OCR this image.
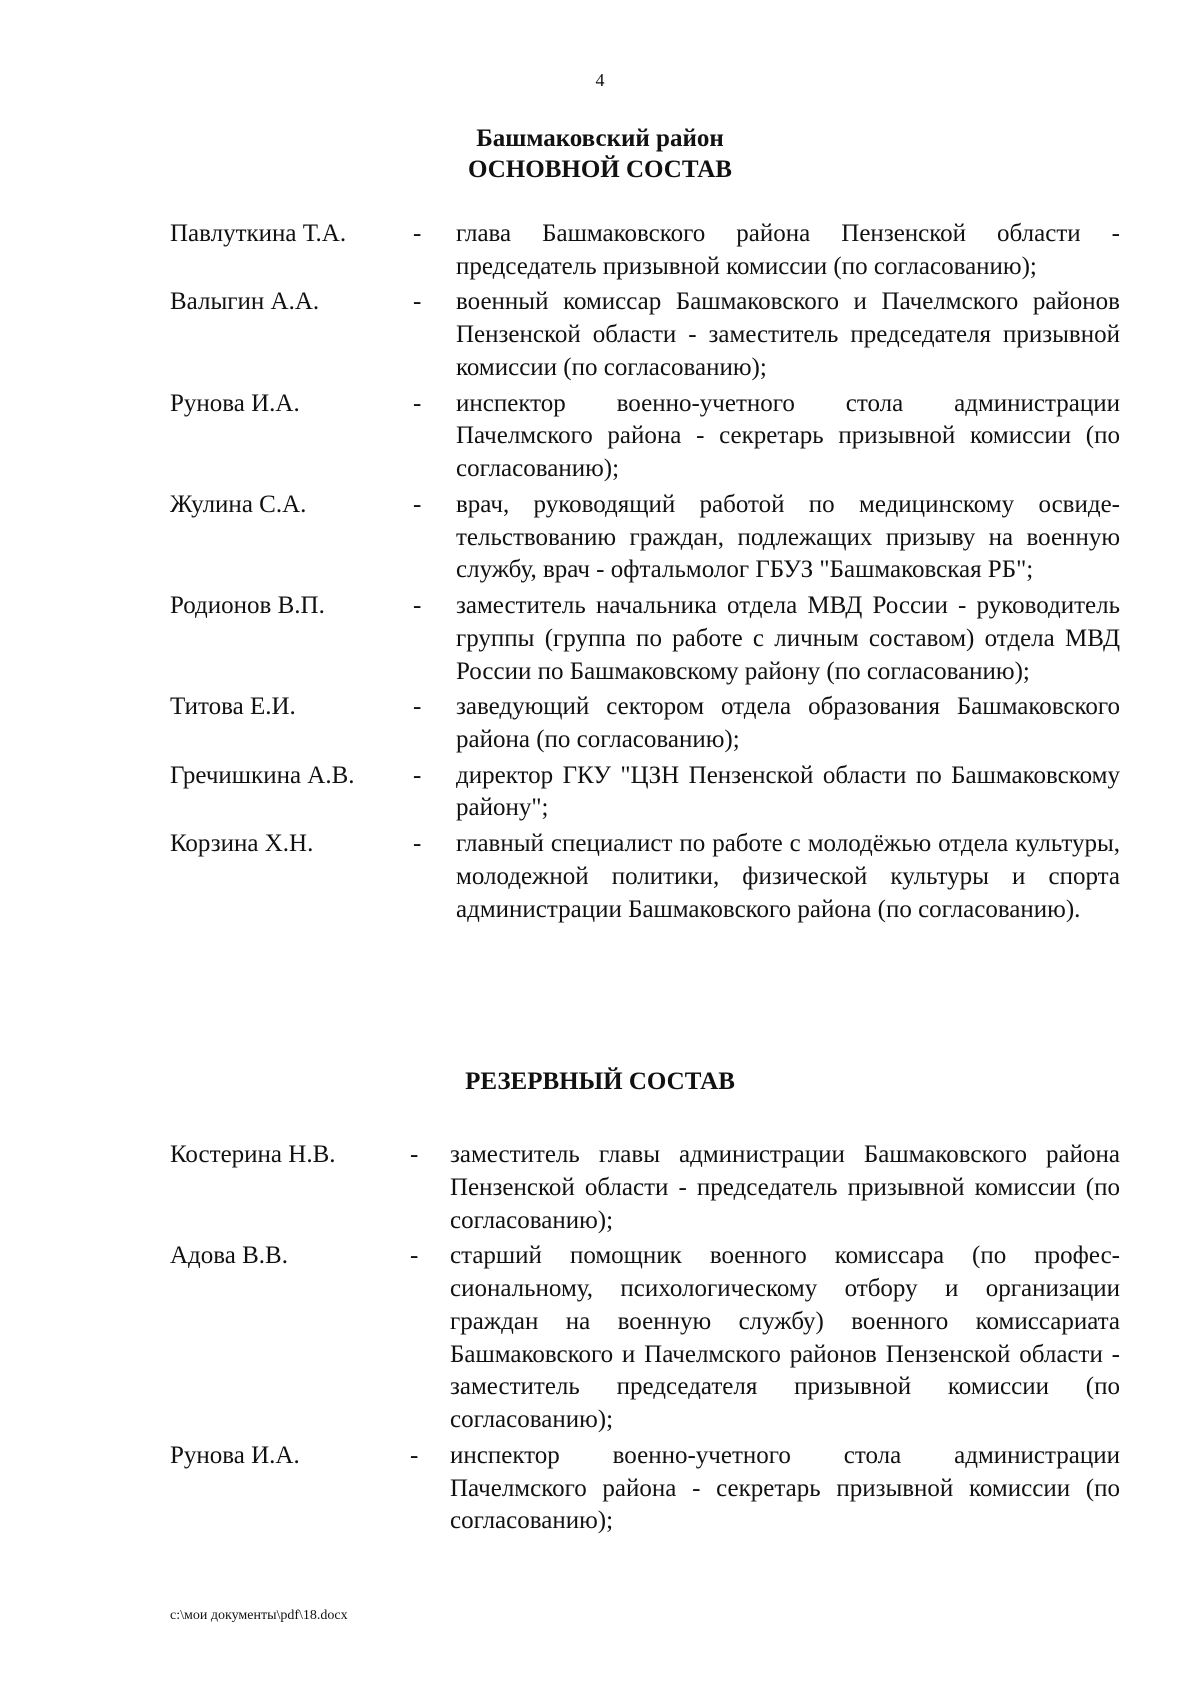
4
Башмаковский район
ОСНОВНОЙ СОСТАВ
Павлуткина Т.А.	- глава Башмаковского района Пензенской области - председатель призывной комиссии (по согласованию);
Валыгин А.А.	- военный комиссар Башмаковского и Пачелмского районов Пензенской области - заместитель председателя призывной комиссии (по согласованию);
Рунова И.А.	- инспектор военно-учетного стола администрации Пачелмского района - секретарь призывной комиссии (по согласованию);
Жулина С.А.	- врач, руководящий работой по медицинскому освидетельствованию граждан, подлежащих призыву на военную службу, врач - офтальмолог ГБУЗ "Башмаковская РБ";
Родионов В.П.	- заместитель начальника отдела МВД России - руководитель группы (группа по работе с личным составом) отдела МВД России по Башмаковскому району (по согласованию);
Титова Е.И.	- заведующий сектором отдела образования Башмаковского района (по согласованию);
Гречишкина А.В. - директор ГКУ "ЦЗН Пензенской области по Башмаковскому району";
Корзина Х.Н.	- главный специалист по работе с молодёжью отдела культуры, молодежной политики, физической культуры и спорта администрации Башмаковского района (по согласованию).
РЕЗЕРВНЫЙ СОСТАВ
Костерина Н.В.	- заместитель главы администрации Башмаковского района Пензенской области - председатель призывной комиссии (по согласованию);
Адова В.В.	- старший помощник военного комиссара (по профессиональному, психологическому отбору и организации граждан на военную службу) военного комиссариата Башмаковского и Пачелмского районов Пензенской области - заместитель председателя призывной комиссии (по согласованию);
Рунова И.А.	- инспектор военно-учетного стола администрации Пачелмского района - секретарь призывной комиссии (по согласованию);
c:\мои документы\pdf\18.docx
